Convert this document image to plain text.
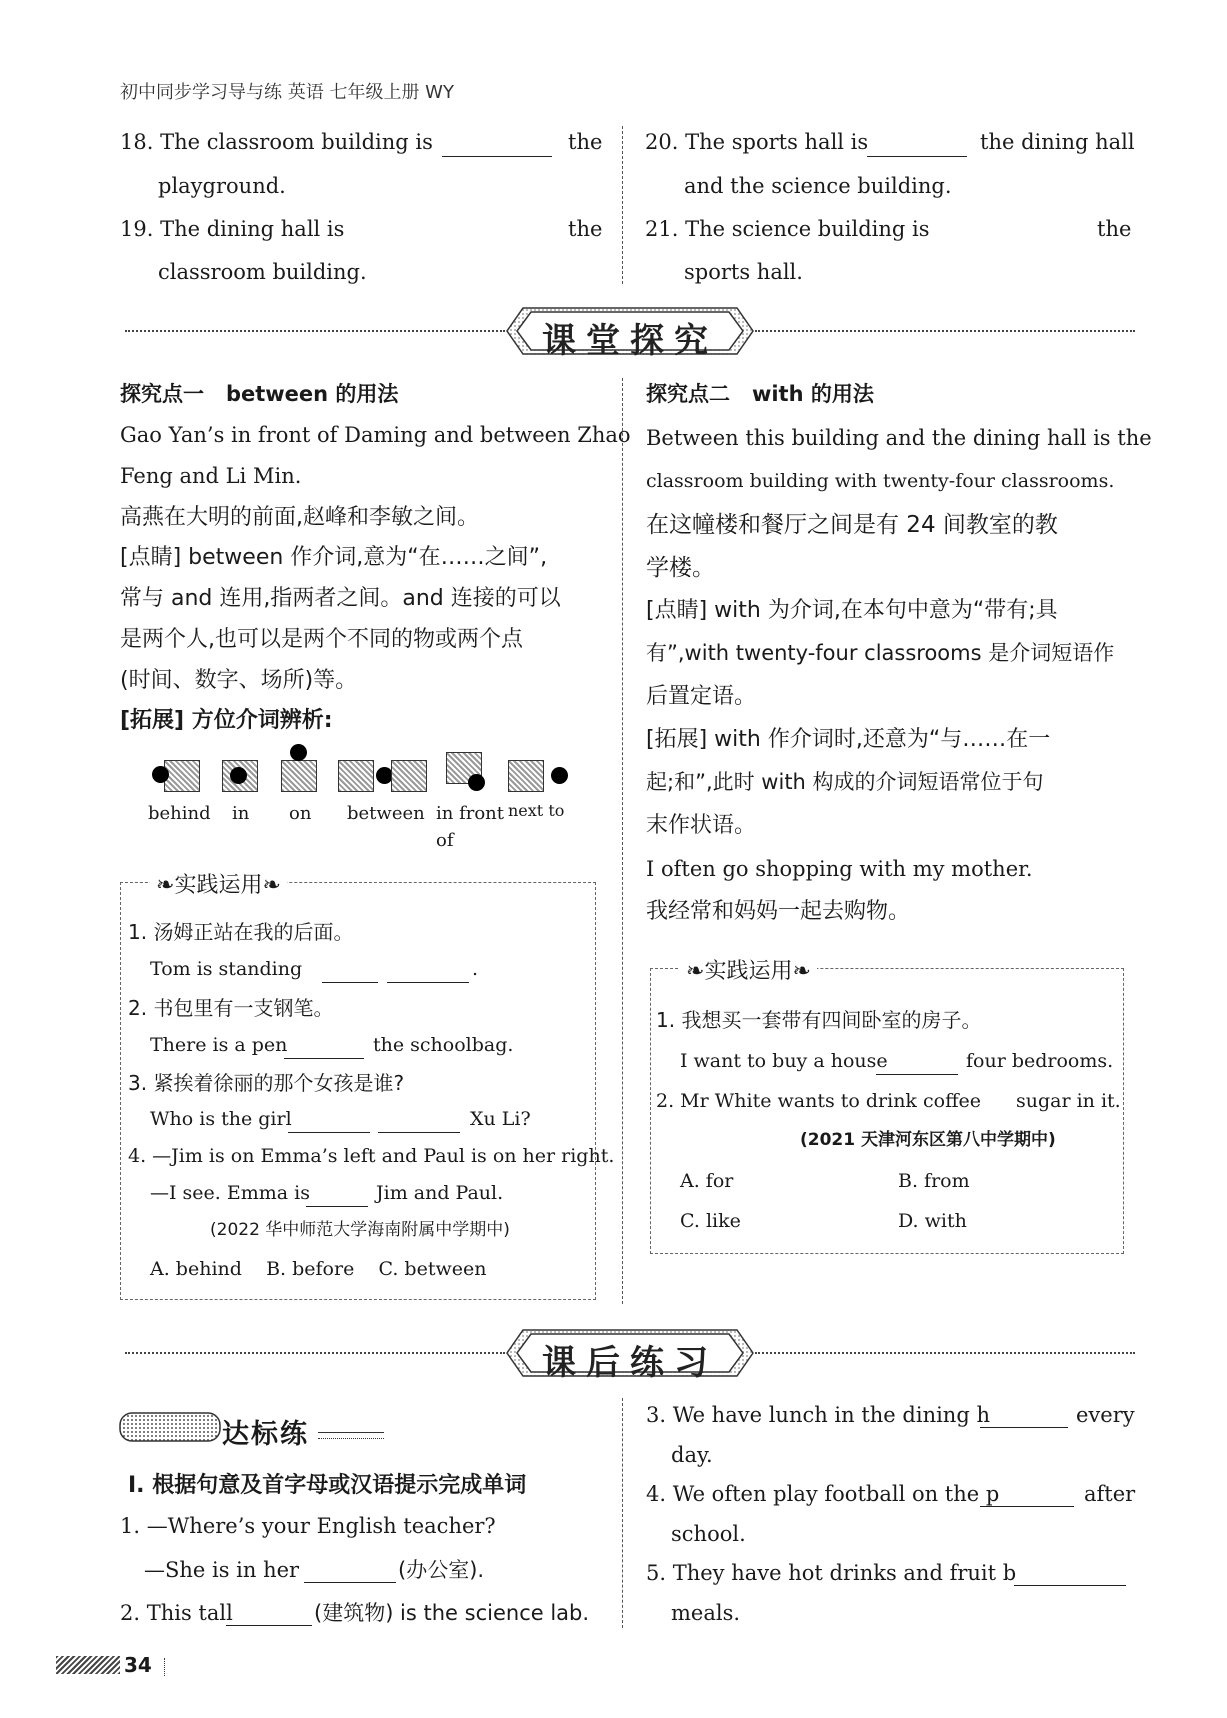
初中同步学习导与练 英语 七年级上册 WY
18. The classroom building is	the
playground.
19. The dining hall is	the
classroom building.
20. The sports hall is	the dining hall
and the science building.
21. The science building is	the
sports hall.
课堂探究
探究点一 between 的用法
Gao Yan’s in front of Daming and between Zhao
Feng and Li Min.
高燕在大明的前面,赵峰和李敏之间。
[点睛] between 作介词,意为“在……之间”,
常与 and 连用,指两者之间。and 连接的可以
是两个人,也可以是两个不同的物或两个点
(时间、数字、场所)等。
[拓展] 方位介词辨析:
behind in on between in front
of
next to
❧实践运用❧
1. 汤姆正站在我的后面。
Tom is standing	.
2. 书包里有一支钢笔。
There is a pen	the schoolbag.
3. 紧挨着徐丽的那个女孩是谁?
Who is the girl	Xu Li?
4. —Jim is on Emma’s left and Paul is on her right.
—I see. Emma is	Jim and Paul.
(2022 华中师范大学海南附属中学期中)
A. behind    B. before    C. between
探究点二 with 的用法
Between this building and the dining hall is the
classroom building with twenty-four classrooms.
在这幢楼和餐厅之间是有 24 间教室的教
学楼。
[点睛] with 为介词,在本句中意为“带有;具
有”,with twenty-four classrooms 是介词短语作
后置定语。
[拓展] with 作介词时,还意为“与……在一
起;和”,此时 with 构成的介词短语常位于句
末作状语。
I often go shopping with my mother.
我经常和妈妈一起去购物。
❧实践运用❧
1. 我想买一套带有四间卧室的房子。
I want to buy a house	four bedrooms.
2. Mr White wants to drink coffee sugar in it.
(2021 天津河东区第八中学期中)
A. for	B. from
C. like	D. with
课后练习
达标练
Ⅰ. 根据句意及首字母或汉语提示完成单词
1. —Where’s your English teacher?
—She is in her	(办公室).
2. This tall	(建筑物) is the science lab.
3. We have lunch in the dining h	every
day.
4. We often play football on the p	after
school.
5. They have hot drinks and fruit b
meals.
34
